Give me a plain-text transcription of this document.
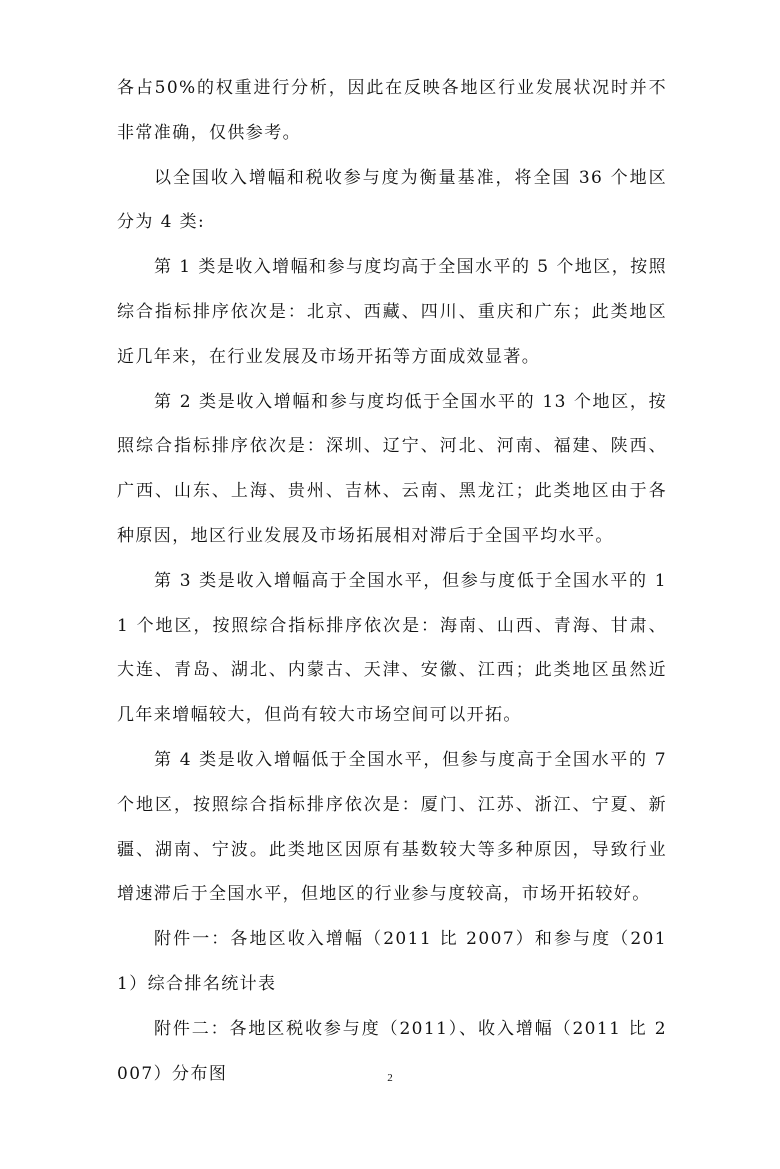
各占50%的权重进行分析，因此在反映各地区行业发展状况时并不非常准确，仅供参考。

以全国收入增幅和税收参与度为衡量基准，将全国 36 个地区分为 4 类:

第 1 类是收入增幅和参与度均高于全国水平的 5 个地区，按照综合指标排序依次是：北京、西藏、四川、重庆和广东；此类地区近几年来，在行业发展及市场开拓等方面成效显著。

第 2 类是收入增幅和参与度均低于全国水平的 13 个地区，按照综合指标排序依次是：深圳、辽宁、河北、河南、福建、陕西、广西、山东、上海、贵州、吉林、云南、黑龙江；此类地区由于各种原因，地区行业发展及市场拓展相对滞后于全国平均水平。

第 3 类是收入增幅高于全国水平，但参与度低于全国水平的 11 个地区，按照综合指标排序依次是：海南、山西、青海、甘肃、大连、青岛、湖北、内蒙古、天津、安徽、江西；此类地区虽然近几年来增幅较大，但尚有较大市场空间可以开拓。

第 4 类是收入增幅低于全国水平，但参与度高于全国水平的 7 个地区，按照综合指标排序依次是：厦门、江苏、浙江、宁夏、新疆、湖南、宁波。此类地区因原有基数较大等多种原因，导致行业增速滞后于全国水平，但地区的行业参与度较高，市场开拓较好。

附件一：各地区收入增幅（2011 比 2007）和参与度（2011）综合排名统计表

附件二：各地区税收参与度（2011）、收入增幅（2011 比 2007）分布图	2
